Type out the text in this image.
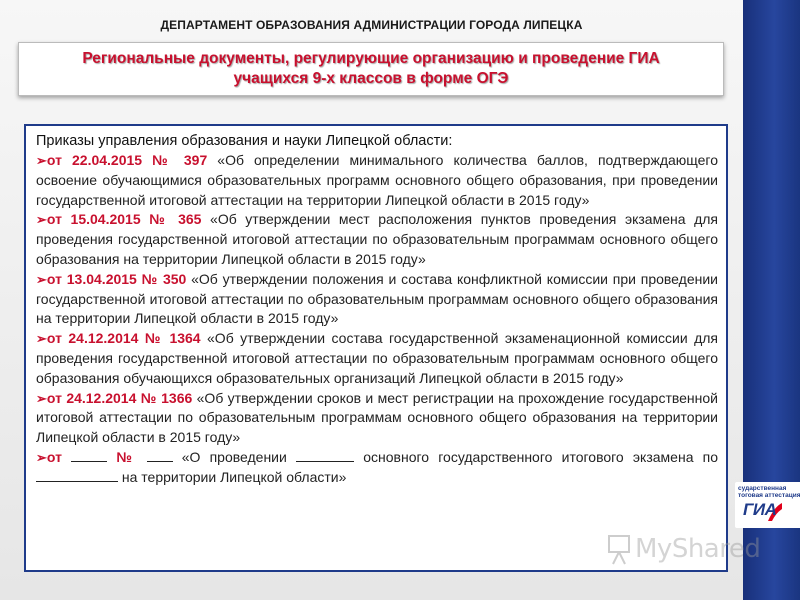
ДЕПАРТАМЕНТ ОБРАЗОВАНИЯ АДМИНИСТРАЦИИ ГОРОДА ЛИПЕЦКА
Региональные документы, регулирующие организацию и проведение ГИА
учащихся 9-х классов в форме ОГЭ
Приказы управления образования и науки Липецкой области:
➢от 22.04.2015 № 397 «Об определении минимального количества баллов, подтверждающего освоение обучающимися образовательных программ основного общего образования, при проведении государственной итоговой аттестации на территории Липецкой области в 2015 году»
➢от 15.04.2015 № 365 «Об утверждении мест расположения пунктов проведения экзамена для проведения государственной итоговой аттестации по образовательным программам основного общего образования на территории Липецкой области в 2015 году»
➢от 13.04.2015 № 350 «Об утверждении положения и состава конфликтной комиссии при проведении государственной итоговой аттестации по образовательным программам основного общего образования на территории Липецкой области в 2015 году»
➢от 24.12.2014 № 1364 «Об утверждении состава государственной экзаменационной комиссии для проведения государственной итоговой аттестации по образовательным программам основного общего образования обучающихся образовательных организаций Липецкой области в 2015 году»
➢от 24.12.2014 № 1366 «Об утверждении сроков и мест регистрации на прохождение государственной итоговой аттестации по образовательным программам основного общего образования на территории Липецкой области в 2015 году»
➢от	№	«О проведении	основного государственного итогового экзамена по  на территории Липецкой области»
сударственная
тоговая аттестация
ГИА
MyShared
